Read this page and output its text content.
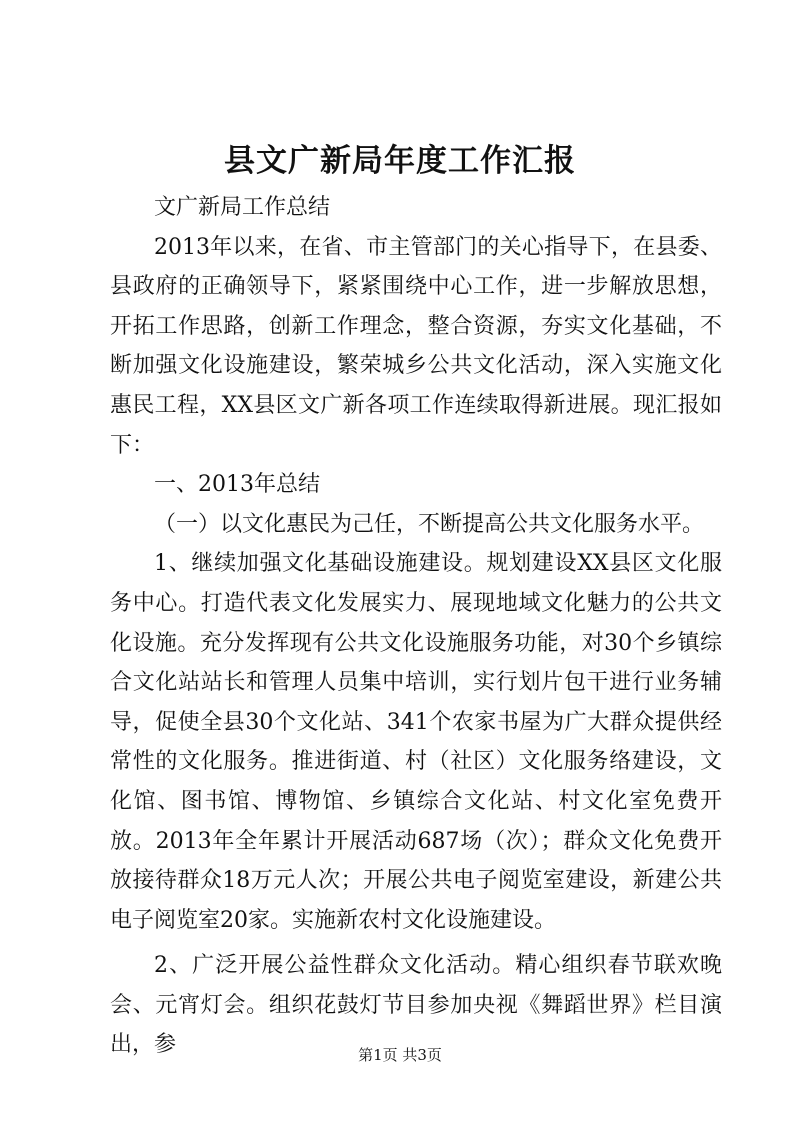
县文广新局年度工作汇报

文广新局工作总结

2013年以来，在省、市主管部门的关心指导下，在县委、县政府的正确领导下，紧紧围绕中心工作，进一步解放思想，开拓工作思路，创新工作理念，整合资源，夯实文化基础，不断加强文化设施建设，繁荣城乡公共文化活动，深入实施文化惠民工程，XX县区文广新各项工作连续取得新进展。现汇报如下：

一、2013年总结

（一）以文化惠民为己任，不断提高公共文化服务水平。

1、继续加强文化基础设施建设。规划建设XX县区文化服务中心。打造代表文化发展实力、展现地域文化魅力的公共文化设施。充分发挥现有公共文化设施服务功能，对30个乡镇综合文化站站长和管理人员集中培训，实行划片包干进行业务辅导，促使全县30个文化站、341个农家书屋为广大群众提供经常性的文化服务。推进街道、村（社区）文化服务络建设，文化馆、图书馆、博物馆、乡镇综合文化站、村文化室免费开放。2013年全年累计开展活动687场（次）；群众文化免费开放接待群众18万元人次；开展公共电子阅览室建设，新建公共电子阅览室20家。实施新农村文化设施建设。

2、广泛开展公益性群众文化活动。精心组织春节联欢晚会、元宵灯会。组织花鼓灯节目参加央视《舞蹈世界》栏目演出，参	第1页 共3页
